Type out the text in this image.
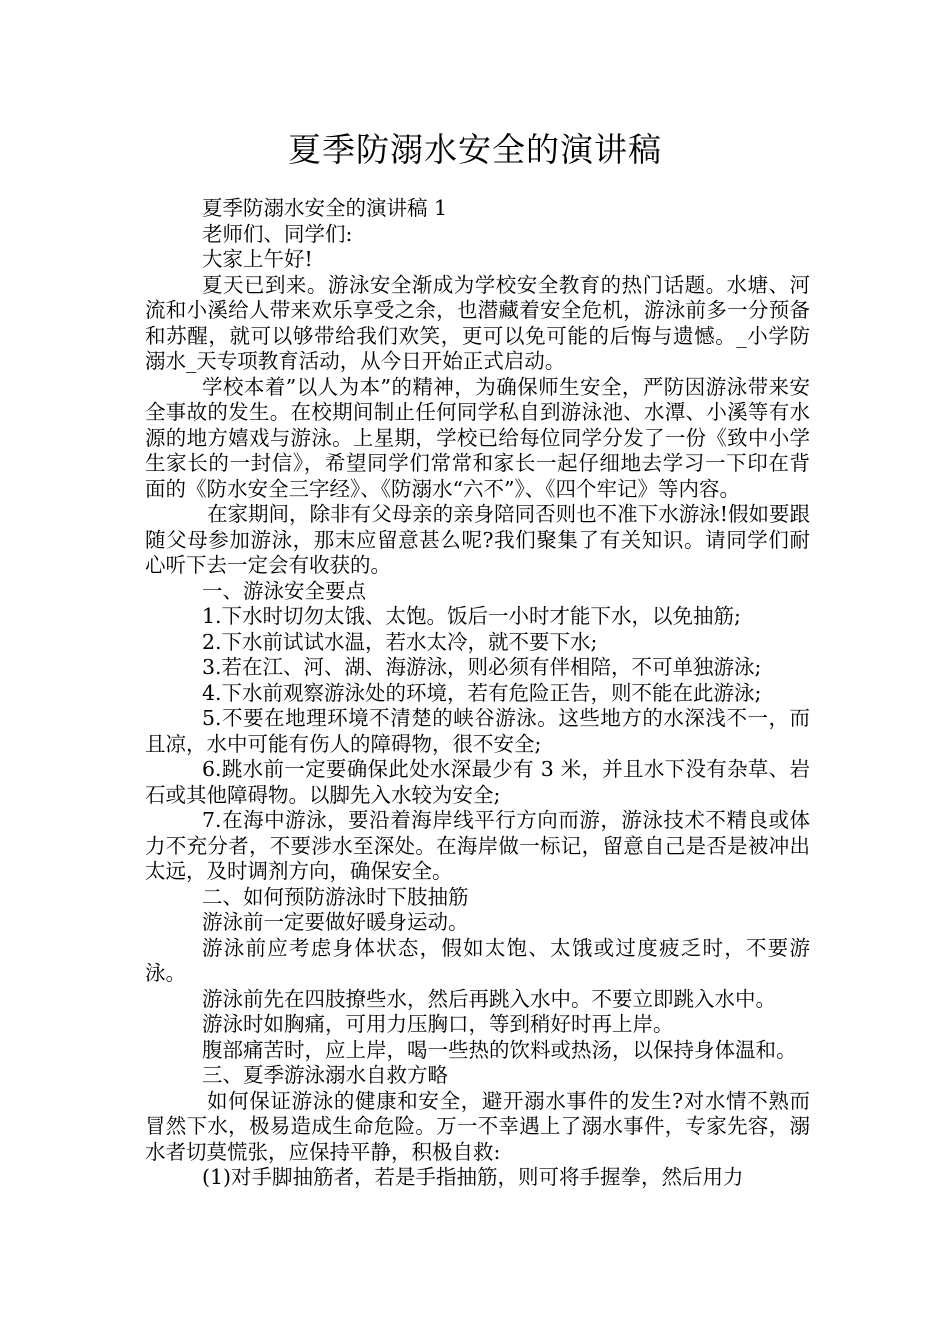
夏季防溺水安全的演讲稿

夏季防溺水安全的演讲稿 1

老师们、同学们:

大家上午好!

夏天已到来。游泳安全渐成为学校安全教育的热门话题。水塘、河流和小溪给人带来欢乐享受之余，也潜藏着安全危机，游泳前多一分预备和苏醒，就可以够带给我们欢笑，更可以免可能的后悔与遗憾。_小学防溺水_天专项教育活动，从今日开始正式启动。

学校本着”以人为本”的精神，为确保师生安全，严防因游泳带来安全事故的发生。在校期间制止任何同学私自到游泳池、水潭、小溪等有水源的地方嬉戏与游泳。上星期，学校已给每位同学分发了一份《致中小学生家长的一封信》，希望同学们常常和家长一起仔细地去学习一下印在背面的《防水安全三字经》、《防溺水“六不”》、《四个牢记》等内容。

在家期间，除非有父母亲的亲身陪同否则也不准下水游泳!假如要跟随父母参加游泳，那末应留意甚么呢?我们聚集了有关知识。请同学们耐心听下去一定会有收获的。

一、游泳安全要点

1.下水时切勿太饿、太饱。饭后一小时才能下水，以免抽筋;

2.下水前试试水温，若水太冷，就不要下水;

3.若在江、河、湖、海游泳，则必须有伴相陪，不可单独游泳;

4.下水前观察游泳处的环境，若有危险正告，则不能在此游泳;

5.不要在地理环境不清楚的峡谷游泳。这些地方的水深浅不一，而且凉，水中可能有伤人的障碍物，很不安全;

6.跳水前一定要确保此处水深最少有 3 米，并且水下没有杂草、岩石或其他障碍物。以脚先入水较为安全;

7.在海中游泳，要沿着海岸线平行方向而游，游泳技术不精良或体力不充分者，不要涉水至深处。在海岸做一标记，留意自己是否是被冲出太远，及时调剂方向，确保安全。

二、如何预防游泳时下肢抽筋

游泳前一定要做好暖身运动。

游泳前应考虑身体状态，假如太饱、太饿或过度疲乏时，不要游泳。

游泳前先在四肢撩些水，然后再跳入水中。不要立即跳入水中。

游泳时如胸痛，可用力压胸口，等到稍好时再上岸。

腹部痛苦时，应上岸，喝一些热的饮料或热汤，以保持身体温和。

三、夏季游泳溺水自救方略

如何保证游泳的健康和安全，避开溺水事件的发生?对水情不熟而冒然下水，极易造成生命危险。万一不幸遇上了溺水事件，专家先容，溺水者切莫慌张，应保持平静，积极自救:

(1)对手脚抽筋者，若是手指抽筋，则可将手握拳，然后用力
